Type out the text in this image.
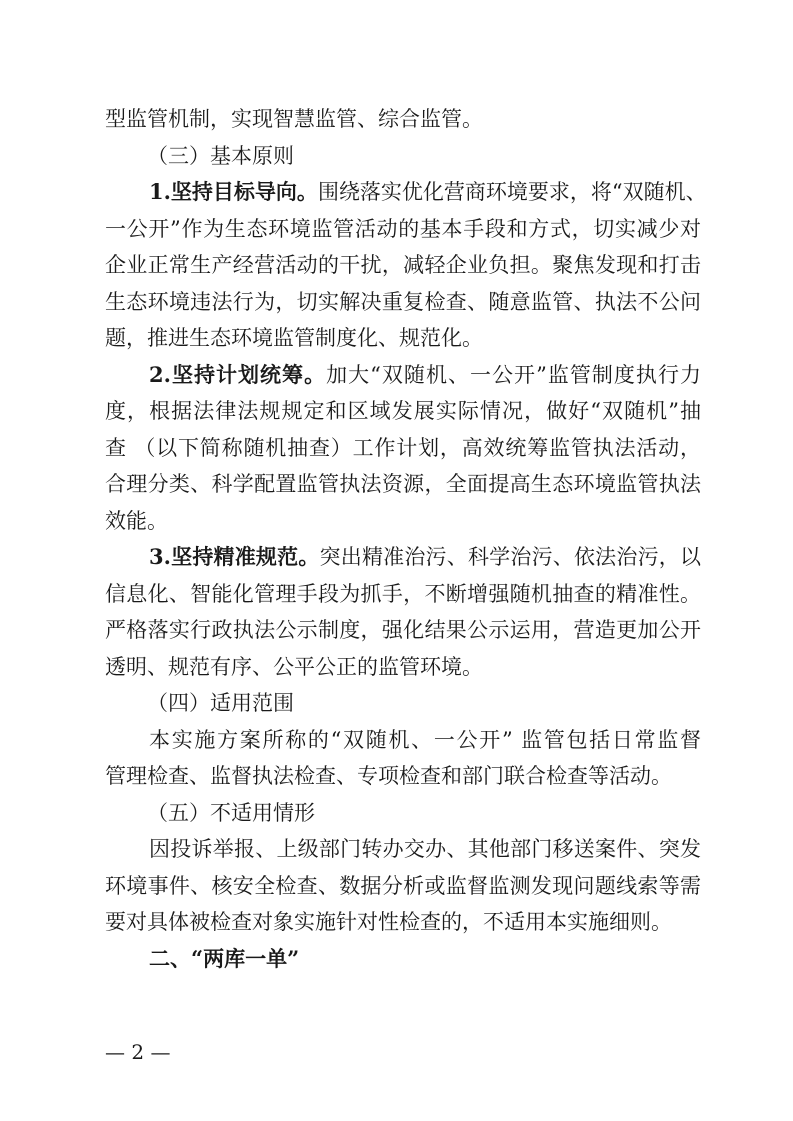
型监管机制，实现智慧监管、综合监管。
（三）基本原则
1.坚持目标导向。围绕落实优化营商环境要求，将“双随机、
一公开”作为生态环境监管活动的基本手段和方式，切实减少对
企业正常生产经营活动的干扰，减轻企业负担。聚焦发现和打击
生态环境违法行为，切实解决重复检查、随意监管、执法不公问
题，推进生态环境监管制度化、规范化。
2.坚持计划统筹。加大“双随机、一公开”监管制度执行力
度，根据法律法规规定和区域发展实际情况，做好“双随机”抽
查 （以下简称随机抽查）工作计划，高效统筹监管执法活动，
合理分类、科学配置监管执法资源，全面提高生态环境监管执法
效能。
3.坚持精准规范。突出精准治污、科学治污、依法治污，以
信息化、智能化管理手段为抓手，不断增强随机抽查的精准性。
严格落实行政执法公示制度，强化结果公示运用，营造更加公开
透明、规范有序、公平公正的监管环境。
（四）适用范围
本实施方案所称的“双随机、一公开” 监管包括日常监督
管理检查、监督执法检查、专项检查和部门联合检查等活动。
（五）不适用情形
因投诉举报、上级部门转办交办、其他部门移送案件、突发
环境事件、核安全检查、数据分析或监督监测发现问题线索等需
要对具体被检查对象实施针对性检查的，不适用本实施细则。
二、“两库一单”
— 2 —
